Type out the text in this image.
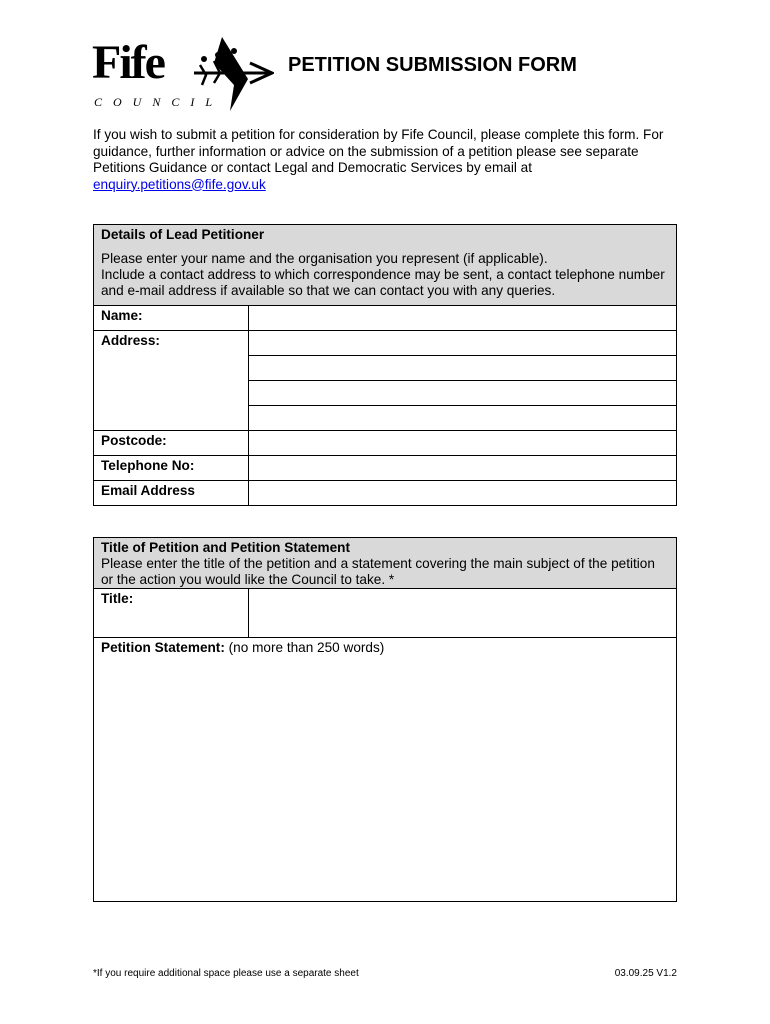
Fife
COUNCIL
PETITION SUBMISSION FORM
If you wish to submit a petition for consideration by Fife Council, please complete this form. For guidance, further information or advice on the submission of a petition please see separate Petitions Guidance or contact Legal and Democratic Services by email at enquiry.petitions@fife.gov.uk
Details of Lead Petitioner
Please enter your name and the organisation you represent (if applicable).
Include a contact address to which correspondence may be sent, a contact telephone number and e-mail address if available so that we can contact you with any queries.	

Name:	
Address:	

Postcode:	
Telephone No:	
Email Address	
Title of Petition and Petition Statement
Please enter the title of the petition and a statement covering the main subject of the petition or the action you would like the Council to take. *

Title:	
Petition Statement: (no more than 250 words)
*If you require additional space please use a separate sheet	03.09.25 V1.2
